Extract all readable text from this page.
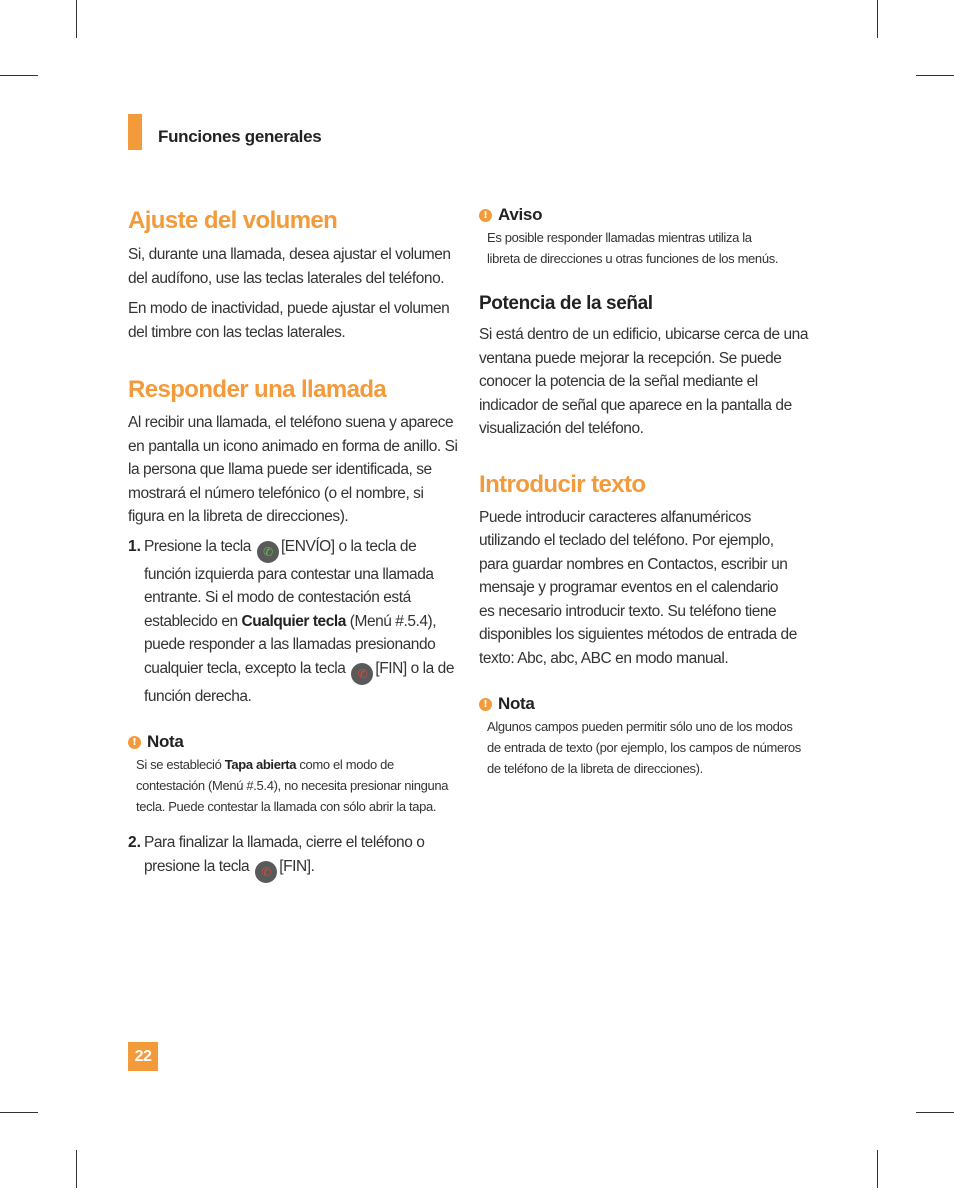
Funciones generales
Ajuste del volumen

Si, durante una llamada, desea ajustar el volumen del audífono, use las teclas laterales del teléfono.

En modo de inactividad, puede ajustar el volumen del timbre con las teclas laterales.

Responder una llamada

Al recibir una llamada, el teléfono suena y aparece en pantalla un icono animado en forma de anillo. Si la persona que llama puede ser identificada, se mostrará el número telefónico (o el nombre, si figura en la libreta de direcciones).

1. Presione la tecla ✆ [ENVÍO] o la tecla de función izquierda para contestar una llamada entrante. Si el modo de contestación está establecido en Cualquier tecla (Menú #.5.4), puede responder a las llamadas presionando cualquier tecla, excepto la tecla ✆ [FIN] o la de función derecha.

! Nota

Si se estableció Tapa abierta como el modo de contestación (Menú #.5.4), no necesita presionar ninguna tecla. Puede contestar la llamada con sólo abrir la tapa.

2. Para finalizar la llamada, cierre el teléfono o presione la tecla ✆ [FIN].

! Aviso

Es posible responder llamadas mientras utiliza la libreta de direcciones u otras funciones de los menús.

Potencia de la señal

Si está dentro de un edificio, ubicarse cerca de una ventana puede mejorar la recepción. Se puede conocer la potencia de la señal mediante el indicador de señal que aparece en la pantalla de visualización del teléfono.

Introducir texto

Puede introducir caracteres alfanuméricos utilizando el teclado del teléfono. Por ejemplo, para guardar nombres en Contactos, escribir un mensaje y programar eventos en el calendario es necesario introducir texto. Su teléfono tiene disponibles los siguientes métodos de entrada de texto: Abc, abc, ABC en modo manual.

! Nota

Algunos campos pueden permitir sólo uno de los modos de entrada de texto (por ejemplo, los campos de números de teléfono de la libreta de direcciones).

22
